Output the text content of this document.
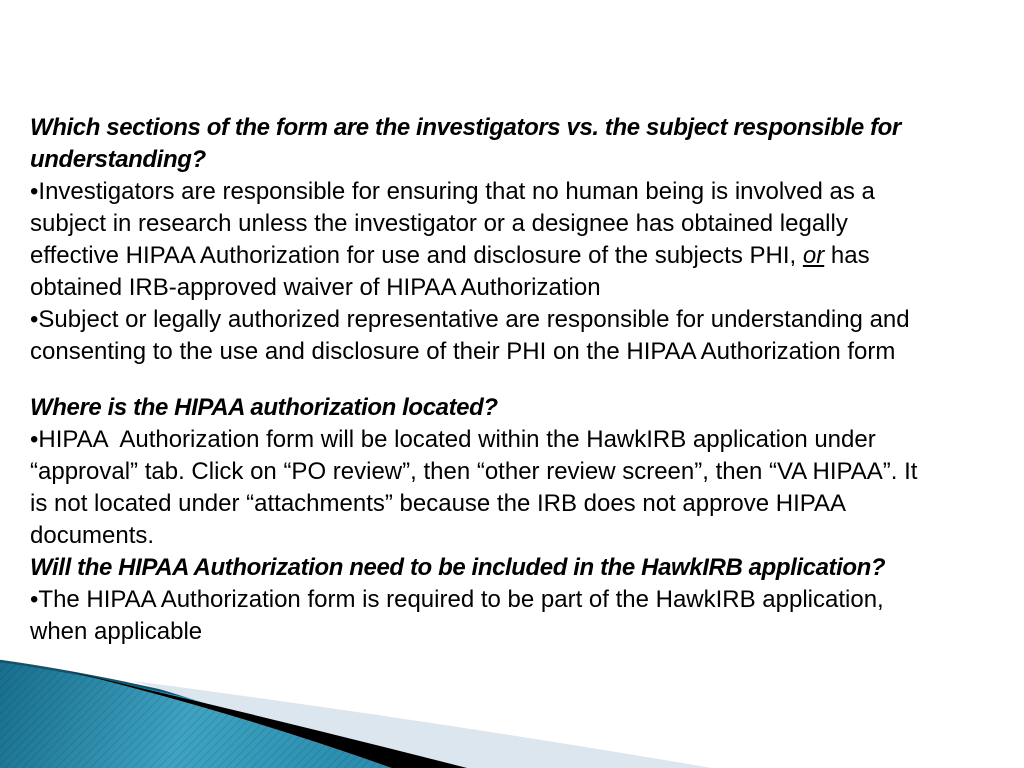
Which sections of the form are the investigators vs. the subject responsible for
understanding?
•Investigators are responsible for ensuring that no human being is involved as a
subject in research unless the investigator or a designee has obtained legally
effective HIPAA Authorization for use and disclosure of the subjects PHI, or has
obtained IRB-approved waiver of HIPAA Authorization
•Subject or legally authorized representative are responsible for understanding and
consenting to the use and disclosure of their PHI on the HIPAA Authorization form
Where is the HIPAA authorization located?
•HIPAA  Authorization form will be located within the HawkIRB application under
“approval” tab. Click on “PO review”, then “other review screen”, then “VA HIPAA”. It
is not located under “attachments” because the IRB does not approve HIPAA
documents.
Will the HIPAA Authorization need to be included in the HawkIRB application?
•The HIPAA Authorization form is required to be part of the HawkIRB application,
when applicable
